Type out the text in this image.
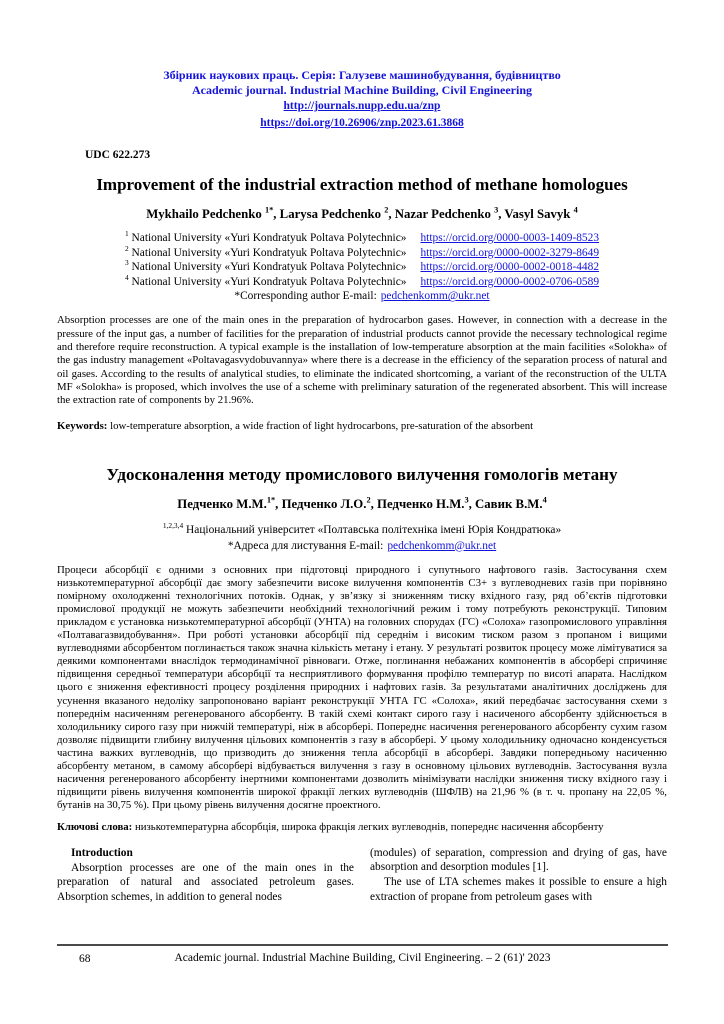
Збірник наукових праць. Серія: Галузеве машинобудування, будівництво
Academic journal. Industrial Machine Building, Civil Engineering
http://journals.nupp.edu.ua/znp
https://doi.org/10.26906/znp.2023.61.3868
UDC 622.273
Improvement of the industrial extraction method of methane homologues
Mykhailo Pedchenko $^{1*}$, Larysa Pedchenko $^2$, Nazar Pedchenko $^3$, Vasyl Savyk $^4$
$^1$ National University «Yuri Kondratyuk Poltava Polytechnic» https://orcid.org/0000-0003-1409-8523
$^2$ National University «Yuri Kondratyuk Poltava Polytechnic» https://orcid.org/0000-0002-3279-8649
$^3$ National University «Yuri Kondratyuk Poltava Polytechnic» https://orcid.org/0000-0002-0018-4482
$^4$ National University «Yuri Kondratyuk Poltava Polytechnic» https://orcid.org/0000-0002-0706-0589
*Corresponding author E-mail: pedchenkomm@ukr.net

Absorption processes are one of the main ones in the preparation of hydrocarbon gases. However, in connection with a decrease in the pressure of the input gas, a number of facilities for the preparation of industrial products cannot provide the necessary technological regime and therefore require reconstruction. A typical example is the installation of low-temperature absorption at the main facilities «Solokha» of the gas industry management «Poltavagasvydobuvannya» where there is a decrease in the efficiency of the separation process of natural and oil gases. According to the results of analytical studies, to eliminate the indicated shortcoming, a variant of the reconstruction of the ULTA MF «Solokha» is proposed, which involves the use of a scheme with preliminary saturation of the regenerated absorbent. This will increase the extraction rate of components by 21.96%.

Keywords: low-temperature absorption, a wide fraction of light hydrocarbons, pre-saturation of the absorbent

Удосконалення методу промислового вилучення гомологів метану
Педченко М.М.$^{1*}$, Педченко Л.О.$^2$, Педченко Н.М.$^3$, Савик В.М.$^4$
$^{1,2,3,4}$ Національний університет «Полтавська політехніка імені Юрія Кондратюка»
*Адреса для листування E-mail: pedchenkomm@ukr.net

Процеси абсорбції є одними з основних при підготовці природного і супутнього нафтового газів. Застосування схем низькотемпературної абсорбції дає змогу забезпечити високе вилучення компонентів С3+ з вуглеводневих газів при порівняно помірному охолодженні технологічних потоків. Однак, у зв’язку зі зниженням тиску вхідного газу, ряд об’єктів підготовки промислової продукції не можуть забезпечити необхідний технологічний режим і тому потребують реконструкції. Типовим прикладом є установка низькотемпературної абсорбції (УНТА) на головних спорудах (ГС) «Солоха» газопромислового управління «Полтавагазвидобування». При роботі установки абсорбції під середнім і високим тиском разом з пропаном і вищими вуглеводнями абсорбентом поглинається також значна кількість метану і етану. У результаті розвиток процесу може лімітуватися за деякими компонентами внаслідок термодинамічної рівноваги. Отже, поглинання небажаних компонентів в абсорбері спричиняє підвищення середньої температури абсорбції та несприятливого формування профілю температур по висоті апарата. Наслідком цього є зниження ефективності процесу розділення природних і нафтових газів. За результатами аналітичних досліджень для усунення вказаного недоліку запропоновано варіант реконструкції УНТА ГС «Солоха», який передбачає застосування схеми з попереднім насиченням регенерованого абсорбенту. В такій схемі контакт сирого газу і насиченого абсорбенту здійснюється в холодильнику сирого газу при нижчій температурі, ніж в абсорбері. Попереднє насичення регенерованого абсорбенту сухим газом дозволяє підвищити глибину вилучення цільових компонентів з газу в абсорбері. У цьому холодильнику одночасно конденсується частина важких вуглеводнів, що призводить до зниження тепла абсорбції в абсорбері. Завдяки попередньому насиченню абсорбенту метаном, в самому абсорбері відбувається вилучення з газу в основному цільових вуглеводнів. Застосування вузла насичення регенерованого абсорбенту інертними компонентами дозволить мінімізувати наслідки зниження тиску вхідного газу і підвищити рівень вилучення компонентів широкої фракції легких вуглеводнів (ШФЛВ) на 21,96 % (в т. ч. пропану на 22,05 %, бутанів на 30,75 %). При цьому рівень вилучення досягне проектного.

Ключові слова: низькотемпературна абсорбція, широка фракція легких вуглеводнів, попереднє насичення абсорбенту

Introduction

Absorption processes are one of the main ones in the preparation of natural and associated petroleum gases. Absorption schemes, in addition to general nodes

(modules) of separation, compression and drying of gas, have absorption and desorption modules [1].

The use of LTA schemes makes it possible to ensure a high extraction of propane from petroleum gases with

68	Academic journal. Industrial Machine Building, Civil Engineering. – 2 (61)' 2023
